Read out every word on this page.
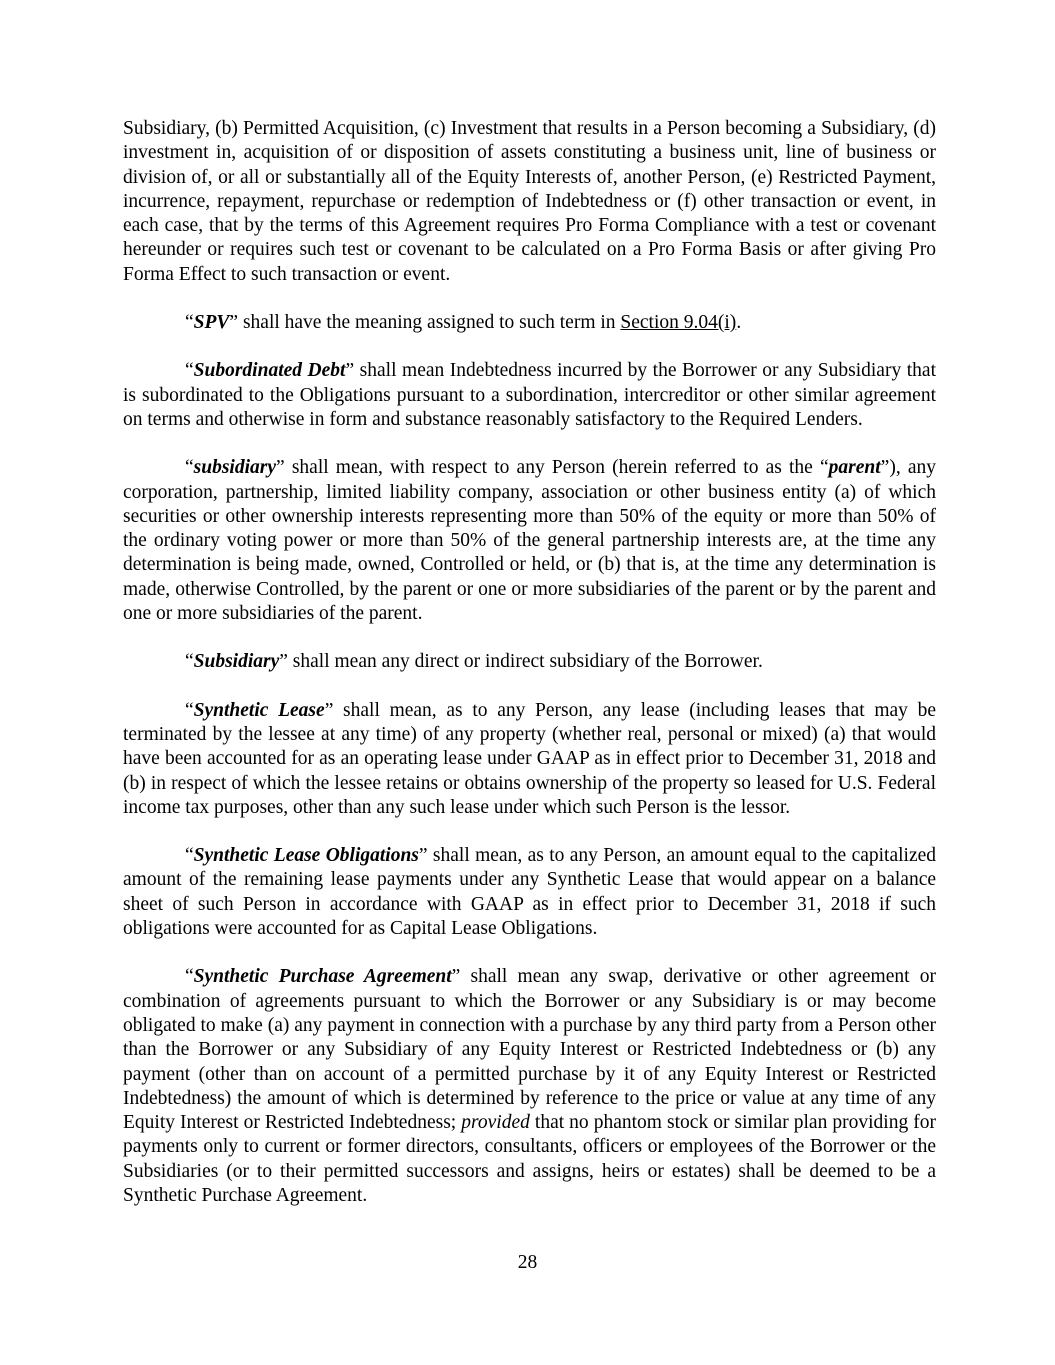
Subsidiary, (b) Permitted Acquisition, (c) Investment that results in a Person becoming a Subsidiary, (d) investment in, acquisition of or disposition of assets constituting a business unit, line of business or division of, or all or substantially all of the Equity Interests of, another Person, (e) Restricted Payment, incurrence, repayment, repurchase or redemption of Indebtedness or (f) other transaction or event, in each case, that by the terms of this Agreement requires Pro Forma Compliance with a test or covenant hereunder or requires such test or covenant to be calculated on a Pro Forma Basis or after giving Pro Forma Effect to such transaction or event.

“SPV” shall have the meaning assigned to such term in Section 9.04(i).

“Subordinated Debt” shall mean Indebtedness incurred by the Borrower or any Subsidiary that is subordinated to the Obligations pursuant to a subordination, intercreditor or other similar agreement on terms and otherwise in form and substance reasonably satisfactory to the Required Lenders.

“subsidiary” shall mean, with respect to any Person (herein referred to as the “parent”), any corporation, partnership, limited liability company, association or other business entity (a) of which securities or other ownership interests representing more than 50% of the equity or more than 50% of the ordinary voting power or more than 50% of the general partnership interests are, at the time any determination is being made, owned, Controlled or held, or (b) that is, at the time any determination is made, otherwise Controlled, by the parent or one or more subsidiaries of the parent or by the parent and one or more subsidiaries of the parent.

“Subsidiary” shall mean any direct or indirect subsidiary of the Borrower.

“Synthetic Lease” shall mean, as to any Person, any lease (including leases that may be terminated by the lessee at any time) of any property (whether real, personal or mixed) (a) that would have been accounted for as an operating lease under GAAP as in effect prior to December 31, 2018 and (b) in respect of which the lessee retains or obtains ownership of the property so leased for U.S. Federal income tax purposes, other than any such lease under which such Person is the lessor.

“Synthetic Lease Obligations” shall mean, as to any Person, an amount equal to the capitalized amount of the remaining lease payments under any Synthetic Lease that would appear on a balance sheet of such Person in accordance with GAAP as in effect prior to December 31, 2018 if such obligations were accounted for as Capital Lease Obligations.

“Synthetic Purchase Agreement” shall mean any swap, derivative or other agreement or combination of agreements pursuant to which the Borrower or any Subsidiary is or may become obligated to make (a) any payment in connection with a purchase by any third party from a Person other than the Borrower or any Subsidiary of any Equity Interest or Restricted Indebtedness or (b) any payment (other than on account of a permitted purchase by it of any Equity Interest or Restricted Indebtedness) the amount of which is determined by reference to the price or value at any time of any Equity Interest or Restricted Indebtedness; provided that no phantom stock or similar plan providing for payments only to current or former directors, consultants, officers or employees of the Borrower or the Subsidiaries (or to their permitted successors and assigns, heirs or estates) shall be deemed to be a Synthetic Purchase Agreement.

28
